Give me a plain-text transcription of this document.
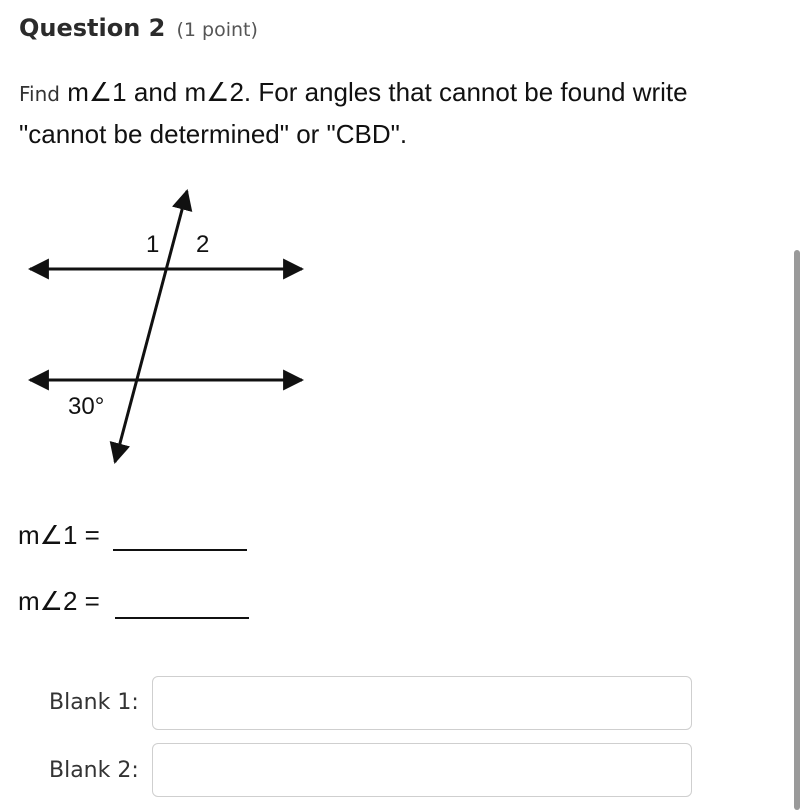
Question 2 (1 point)
Find m∠1 and m∠2. For angles that cannot be found write
"cannot be determined" or "CBD".
1 2
30°
m∠1 =
m∠2 =
Blank 1:
Blank 2:
